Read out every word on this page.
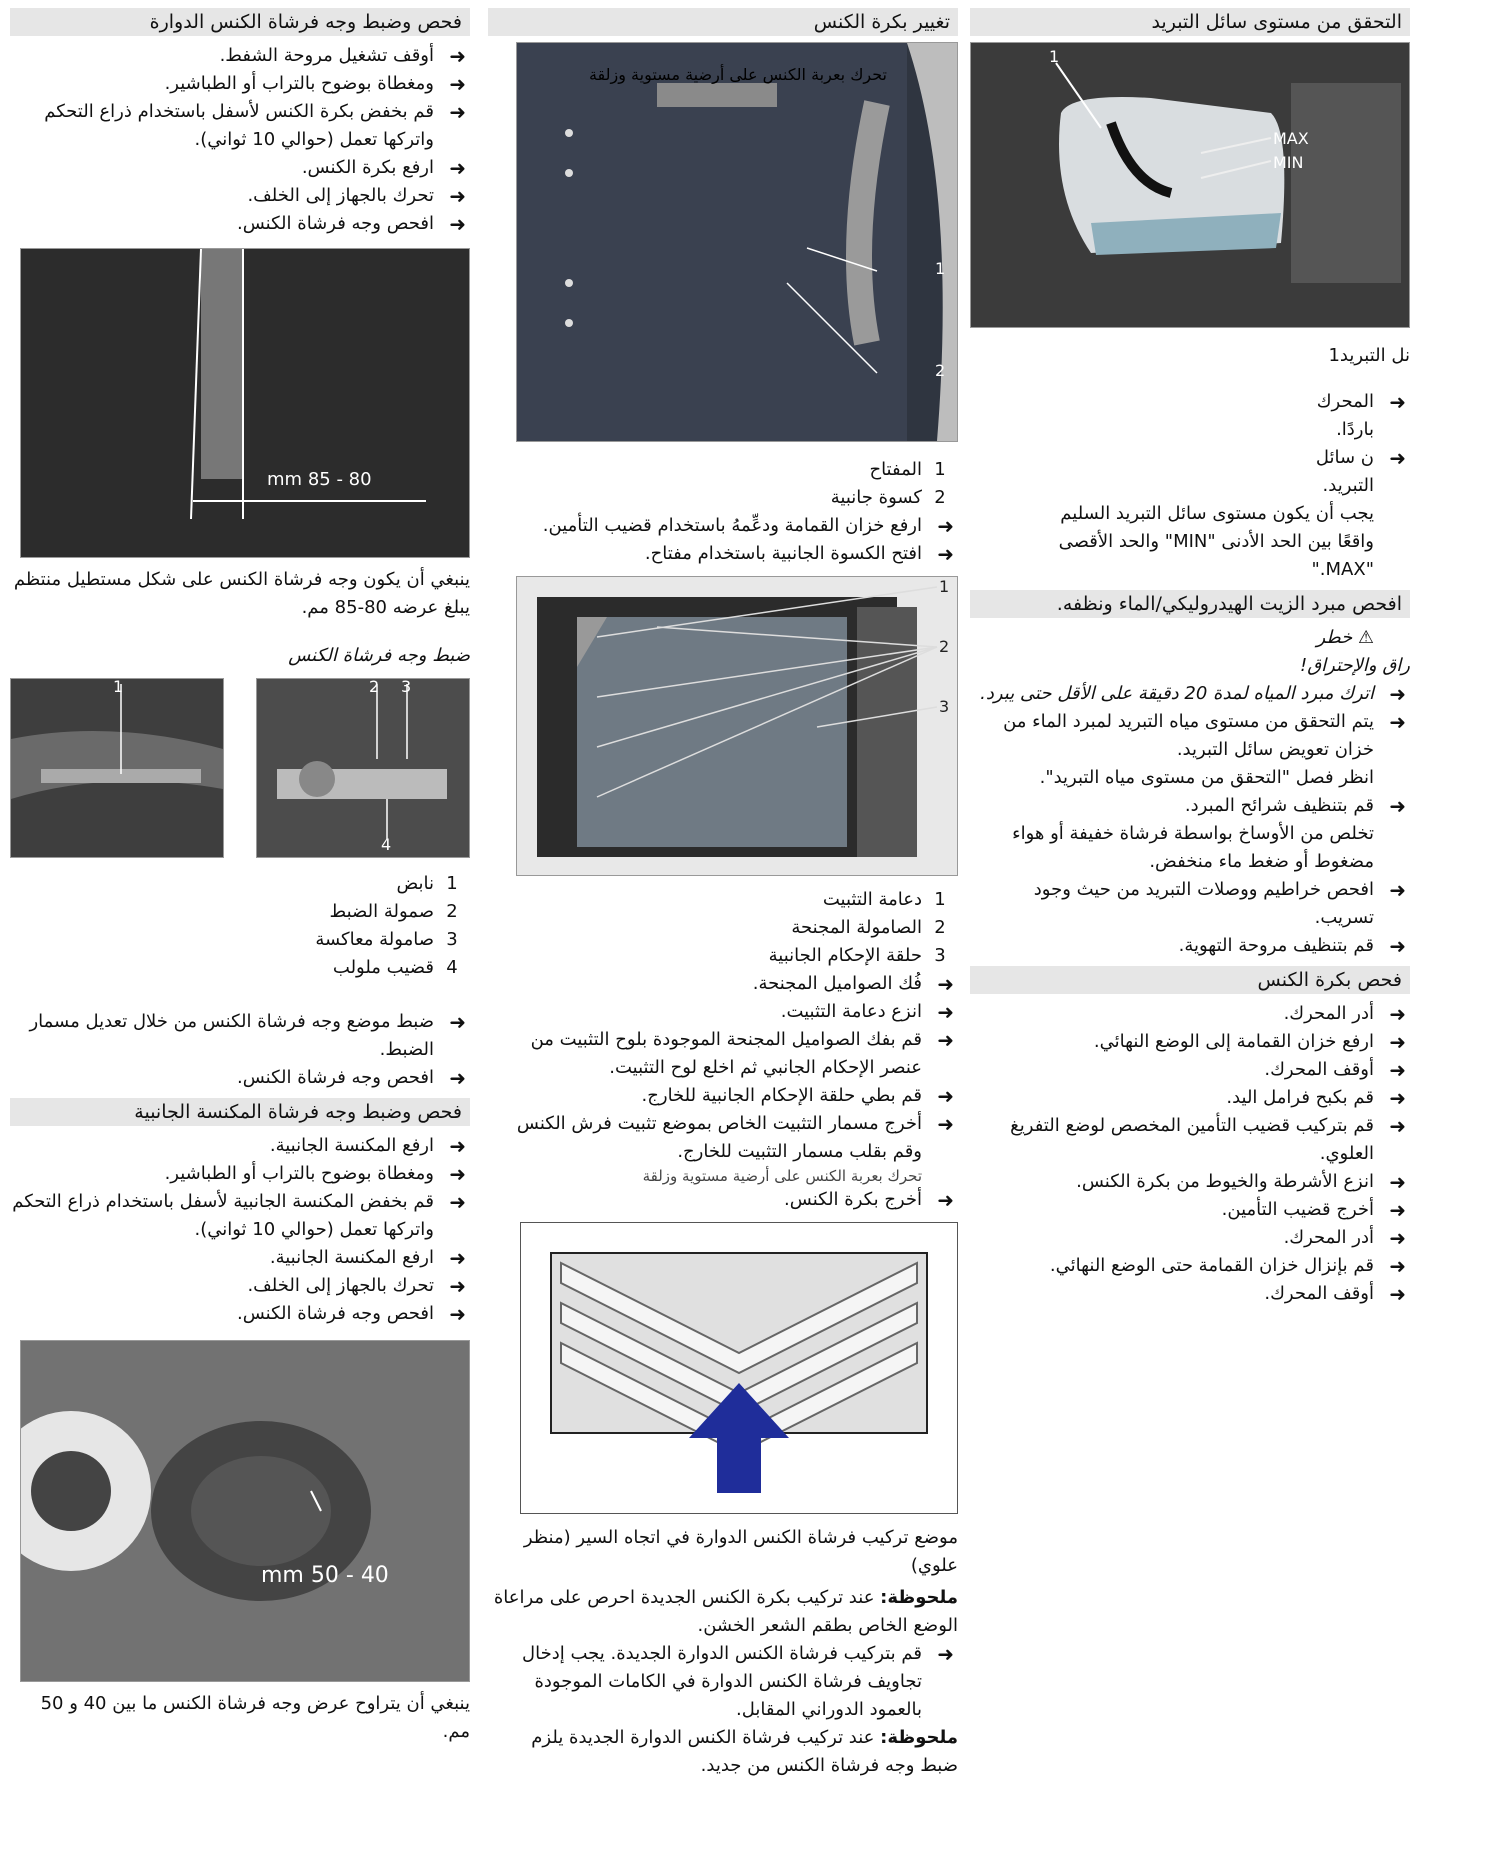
التحقق من مستوى سائل التبريد
1
MAX
MIN

نل التبريد1

➜
المحرك

باردًا.

➜
ن سائل

التبريد.

يجب أن يكون مستوى سائل التبريد السليم

واقعًا بين الحد الأدنى "MIN" والحد الأقصى

"MAX."

افحص مبرد الزيت الهيدروليكي/الماء ونظفه.

⚠ خطر

راق والإحتراق!

➜
اترك مبرد المياه لمدة 20 دقيقة على الأقل حتى يبرد.

➜
يتم التحقق من مستوى مياه التبريد لمبرد الماء من خزان تعويض سائل التبريد.

انظر فصل "التحقق من مستوى مياه التبريد".

➜
قم بتنظيف شرائح المبرد.

تخلص من الأوساخ بواسطة فرشاة خفيفة أو هواء مضغوط أو ضغط ماء منخفض.

➜
افحص خراطيم ووصلات التبريد من حيث وجود تسريب.

➜
قم بتنظيف مروحة التهوية.

فحص بكرة الكنس

➜
أدر المحرك.

➜
ارفع خزان القمامة إلى الوضع النهائي.

➜
أوقف المحرك.

➜
قم بكبح فرامل اليد.

➜
قم بتركيب قضيب التأمين المخصص لوضع التفريغ العلوي.

➜
انزع الأشرطة والخيوط من بكرة الكنس.

➜
أخرج قضيب التأمين.

➜
أدر المحرك.

➜
قم بإنزال خزان القمامة حتى الوضع النهائي.

➜
أوقف المحرك.

تغيير بكرة الكنس
تحرك بعربة الكنس على أرضية مستوية وزلقة
1
2
1
المفتاح
2
كسوة جانبية

➜
ارفع خزان القمامة ودعِّمهُ باستخدام قضيب التأمين.

➜
افتح الكسوة الجانبية باستخدام مفتاح.

1
2
3
1
دعامة التثبيت
2
الصامولة المجنحة
3
حلقة الإحكام الجانبية

➜
فُك الصواميل المجنحة.

➜
انزع دعامة التثبيت.

➜
قم بفك الصواميل المجنحة الموجودة بلوح التثبيت من عنصر الإحكام الجانبي ثم اخلع لوح التثبيت.

➜
قم بطي حلقة الإحكام الجانبية للخارج.

➜
أخرج مسمار التثبيت الخاص بموضع تثبيت فرش الكنس وقم بقلب مسمار التثبيت للخارج.

تحرك بعربة الكنس على أرضية مستوية وزلقة

➜
أخرج بكرة الكنس.

موضع تركيب فرشاة الكنس الدوارة في اتجاه السير (منظر علوي)

ملحوظة: عند تركيب بكرة الكنس الجديدة احرص على مراعاة الوضع الخاص بطقم الشعر الخشن.

➜
قم بتركيب فرشاة الكنس الدوارة الجديدة. يجب إدخال تجاويف فرشاة الكنس الدوارة في الكامات الموجودة بالعمود الدوراني المقابل.

ملحوظة: عند تركيب فرشاة الكنس الدوارة الجديدة يلزم ضبط وجه فرشاة الكنس من جديد.

فحص وضبط وجه فرشاة الكنس الدوارة

➜
أوقف تشغيل مروحة الشفط.

➜

ومغطاة بوضوح بالتراب أو الطباشير.

➜
قم بخفض بكرة الكنس لأسفل باستخدام ذراع التحكم واتركها تعمل (حوالي 10 ثواني).

➜
ارفع بكرة الكنس.

➜
تحرك بالجهاز إلى الخلف.

➜
افحص وجه فرشاة الكنس.

80 - 85 mm

ينبغي أن يكون وجه فرشاة الكنس على شكل مستطيل منتظم يبلغ عرضه 80-85 مم.

ضبط وجه فرشاة الكنس

2 3
4
1
1
نابض
2
صمولة الضبط
3
صامولة معاكسة
4
قضيب ملولب

➜
ضبط موضع وجه فرشاة الكنس من خلال تعديل مسمار الضبط.

➜
افحص وجه فرشاة الكنس.

فحص وضبط وجه فرشاة المكنسة الجانبية

➜
ارفع المكنسة الجانبية.

➜

ومغطاة بوضوح بالتراب أو الطباشير.

➜
قم بخفض المكنسة الجانبية لأسفل باستخدام ذراع التحكم واتركها تعمل (حوالي 10 ثواني).

➜
ارفع المكنسة الجانبية.

➜
تحرك بالجهاز إلى الخلف.

➜
افحص وجه فرشاة الكنس.

40 - 50 mm

ينبغي أن يتراوح عرض وجه فرشاة الكنس ما بين 40 و 50 مم.
